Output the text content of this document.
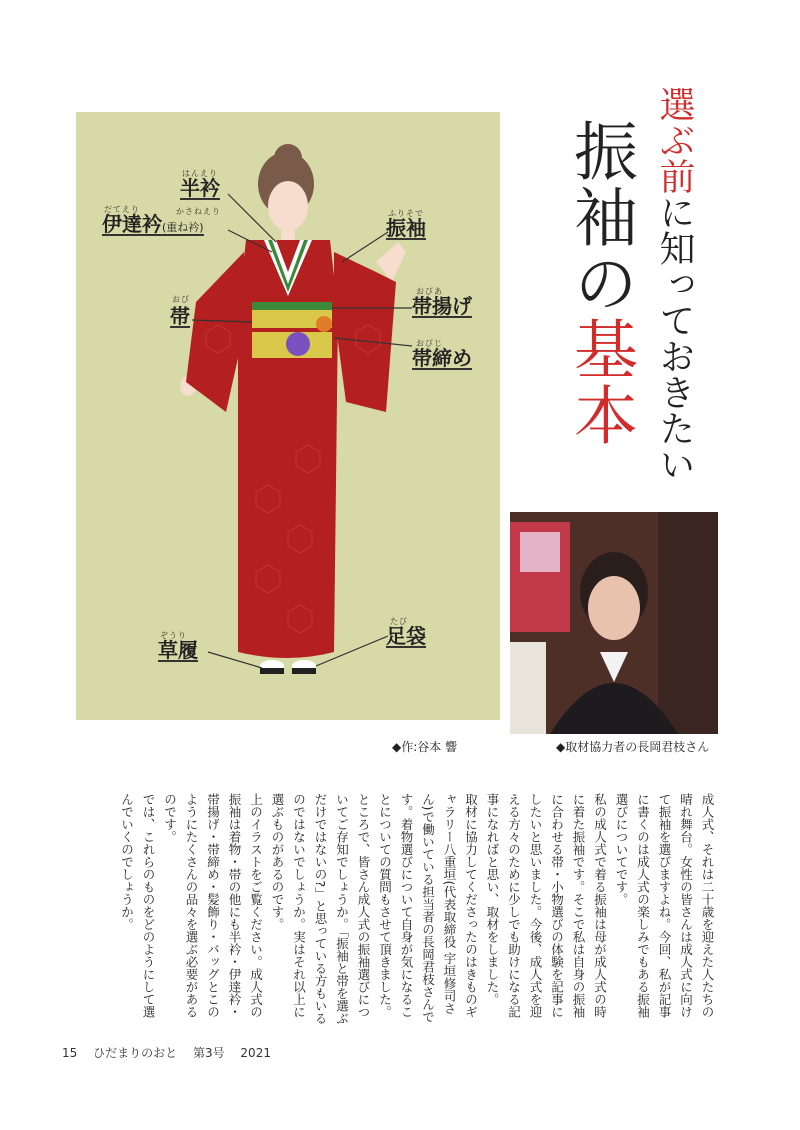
選ぶ前に知っておきたい
振袖の基本
はんえり
半衿
だてえり	かさねえり
伊達衿(重ね衿)
ふりそで
振袖
おび
帯
おびあ
帯揚げ
おびじ
帯締め
ぞうり
草履
たび
足袋
◆作:谷本 響	◆取材協力者の長岡君枝さん

成人式、それは二十歳を迎えた人たちの晴れ舞台。女性の皆さんは成人式に向けて振袖を選びますよね。今回、私が記事に書くのは成人式の楽しみでもある振袖選びについてです。

私の成人式で着る振袖は母が成人式の時に着た振袖です。そこで私は自身の振袖に合わせる帯・小物選びの体験を記事にしたいと思いました。今後、成人式を迎える方々のために少しでも助けになる記事になればと思い、取材をしました。

取材に協力してくださったのはきものギャラリー八重垣(代表取締役 宇垣修司さん)で働いている担当者の長岡君枝さんです。着物選びについて自身が気になることについての質問もさせて頂きました。

ところで、皆さん成人式の振袖選びについてご存知でしょうか。「振袖と帯を選ぶだけではないの?」と思っている方もいるのではないでしょうか。実はそれ以上に選ぶものがあるのです。

上のイラストをご覧ください。成人式の振袖は着物・帯の他にも半衿・伊達衿・帯揚げ・帯締め・髪飾り・バッグとこのようにたくさんの品々を選ぶ必要があるのです。

では、これらのものをどのようにして選んでいくのでしょうか。

15 ひだまりのおと 第3号 2021
